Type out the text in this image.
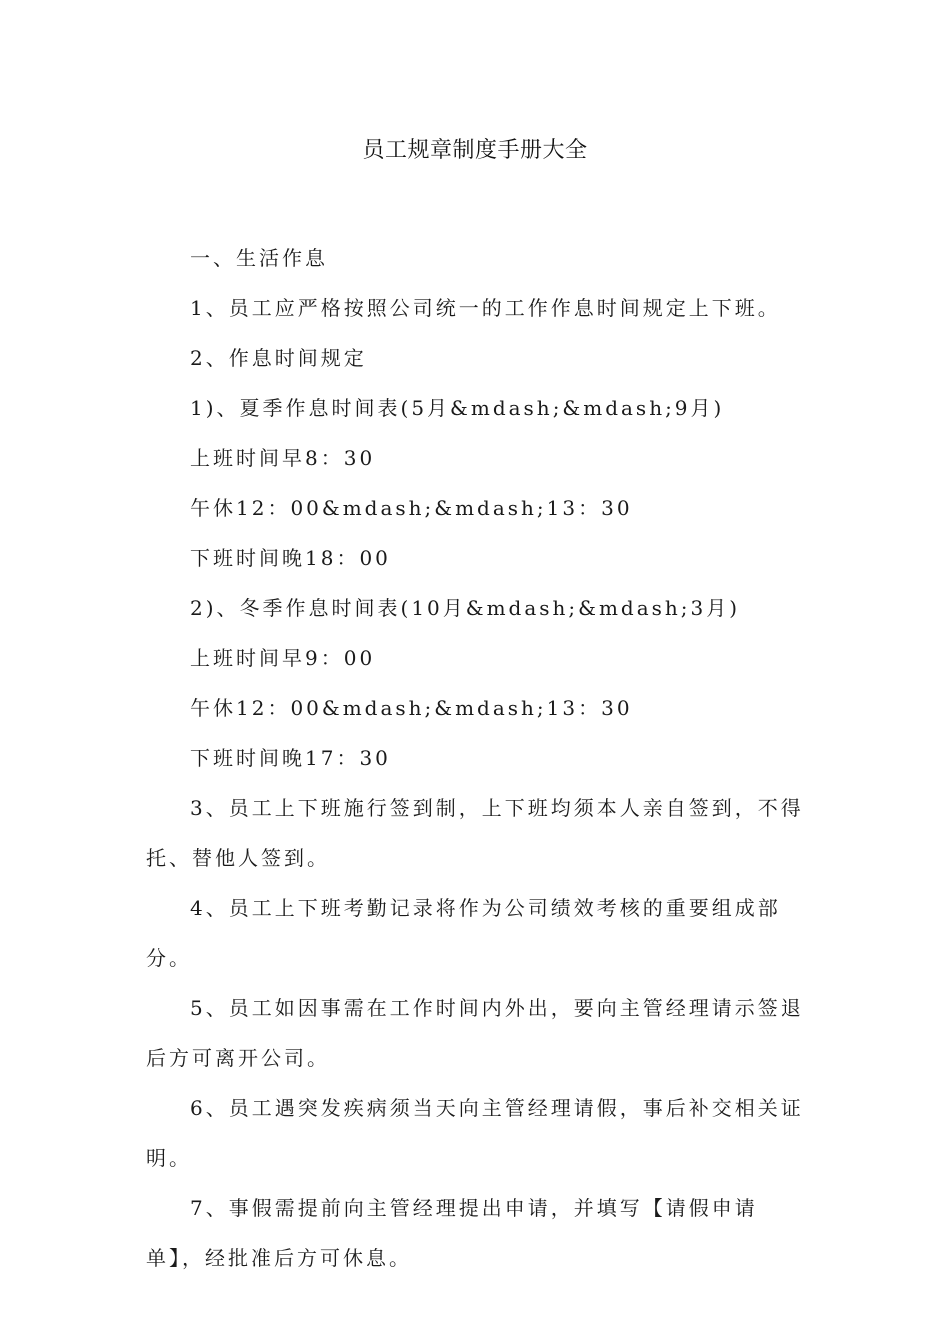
员工规章制度手册大全

一、生活作息

1、员工应严格按照公司统一的工作作息时间规定上下班。

2、作息时间规定

1)、夏季作息时间表(5月&mdash;&mdash;9月)

上班时间早8：30

午休12：00&mdash;&mdash;13：30

下班时间晚18：00

2)、冬季作息时间表(10月&mdash;&mdash;3月)

上班时间早9：00

午休12：00&mdash;&mdash;13：30

下班时间晚17：30

3、员工上下班施行签到制，上下班均须本人亲自签到，不得托、替他人签到。

4、员工上下班考勤记录将作为公司绩效考核的重要组成部分。

5、员工如因事需在工作时间内外出，要向主管经理请示签退后方可离开公司。

6、员工遇突发疾病须当天向主管经理请假，事后补交相关证明。

7、事假需提前向主管经理提出申请，并填写【请假申请单】，经批准后方可休息。
